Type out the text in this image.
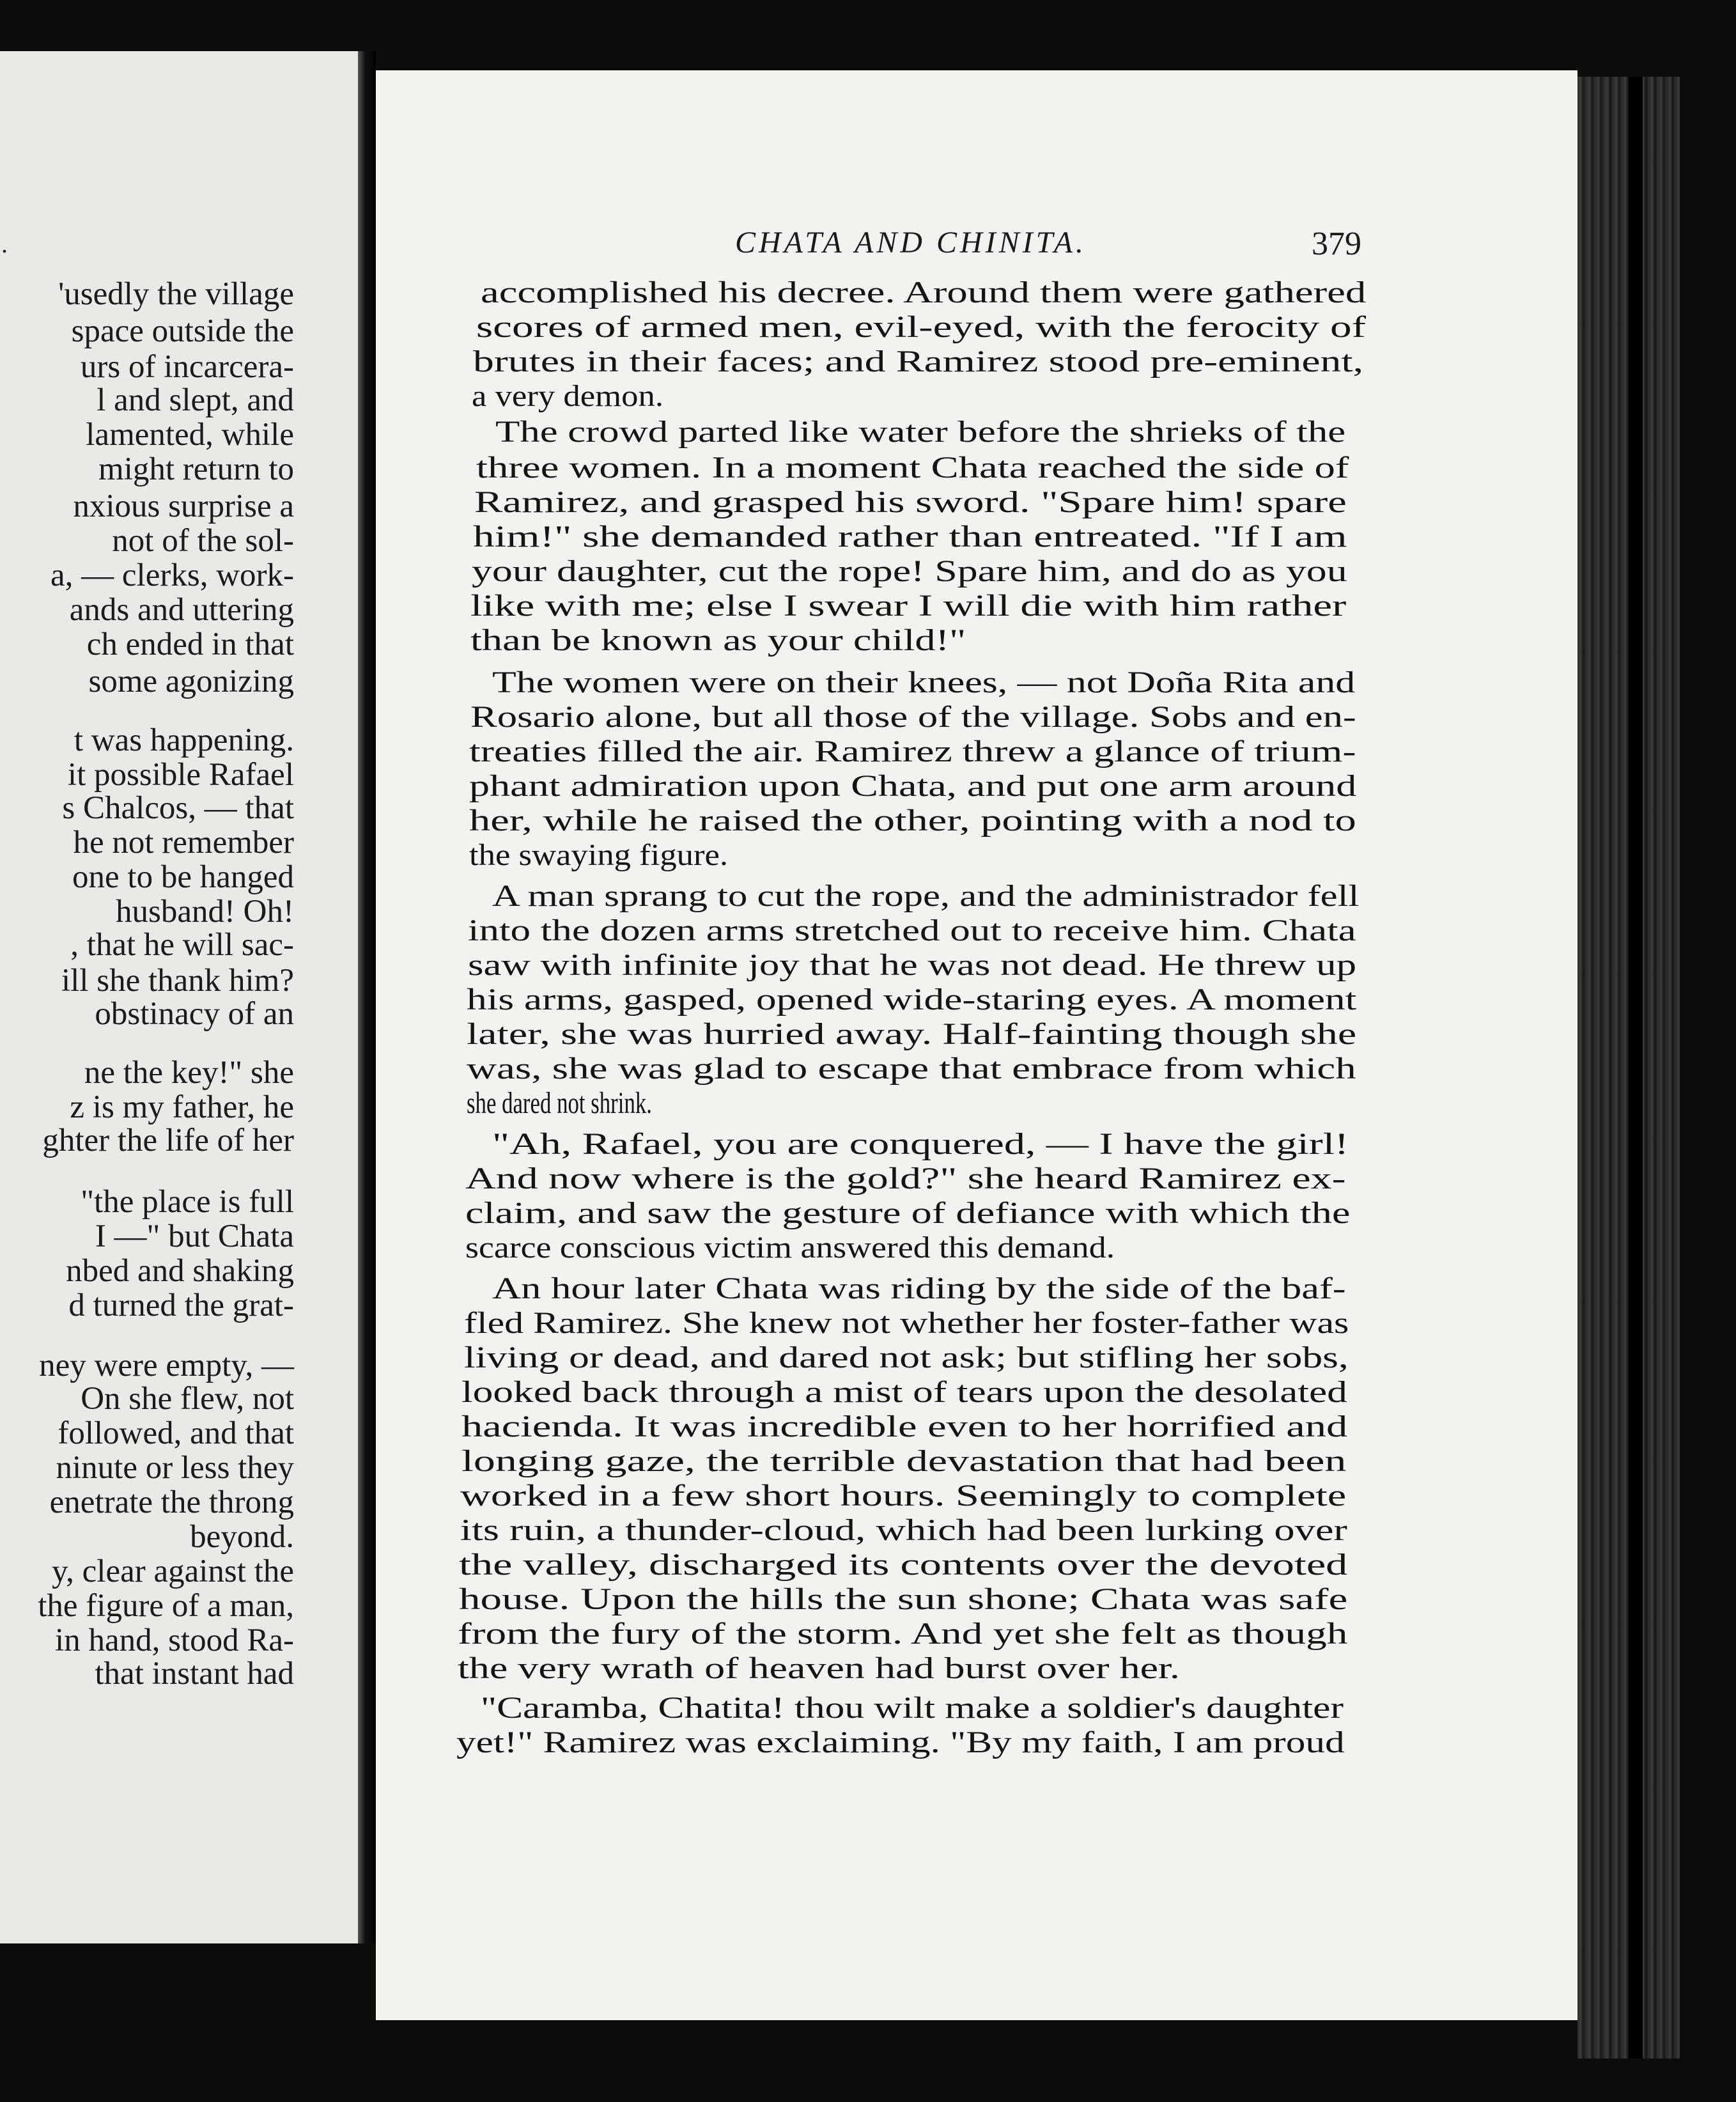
.
'usedly the village
space outside the
urs of incarcera-
l and slept, and
lamented, while
might return to
nxious surprise a
not of the sol-
a, — clerks, work-
ands and uttering
ch ended in that
some agonizing
t was happening.
it possible Rafael
s Chalcos, — that
he not remember
one to be hanged
husband! Oh!
, that he will sac-
ill she thank him?
obstinacy of an
ne the key!" she
z is my father, he
ghter the life of her
"the place is full
I —" but Chata
nbed and shaking
d turned the grat-
ney were empty, —
On she flew, not
followed, and that
ninute or less they
enetrate the throng
beyond.
y, clear against the
the figure of a man,
in hand, stood Ra-
that instant had
CHATA AND CHINITA.	379
accomplished his decree. Around them were gathered
scores of armed men, evil-eyed, with the ferocity of
brutes in their faces; and Ramirez stood pre-eminent,
a very demon.
The crowd parted like water before the shrieks of the
three women. In a moment Chata reached the side of
Ramirez, and grasped his sword. "Spare him! spare
him!" she demanded rather than entreated. "If I am
your daughter, cut the rope! Spare him, and do as you
like with me; else I swear I will die with him rather
than be known as your child!"
The women were on their knees, — not Doña Rita and
Rosario alone, but all those of the village. Sobs and en-
treaties filled the air. Ramirez threw a glance of trium-
phant admiration upon Chata, and put one arm around
her, while he raised the other, pointing with a nod to
the swaying figure.
A man sprang to cut the rope, and the administrador fell
into the dozen arms stretched out to receive him. Chata
saw with infinite joy that he was not dead. He threw up
his arms, gasped, opened wide-staring eyes. A moment
later, she was hurried away. Half-fainting though she
was, she was glad to escape that embrace from which
she dared not shrink.
"Ah, Rafael, you are conquered, — I have the girl!
And now where is the gold?" she heard Ramirez ex-
claim, and saw the gesture of defiance with which the
scarce conscious victim answered this demand.
An hour later Chata was riding by the side of the baf-
fled Ramirez. She knew not whether her foster-father was
living or dead, and dared not ask; but stifling her sobs,
looked back through a mist of tears upon the desolated
hacienda. It was incredible even to her horrified and
longing gaze, the terrible devastation that had been
worked in a few short hours. Seemingly to complete
its ruin, a thunder-cloud, which had been lurking over
the valley, discharged its contents over the devoted
house. Upon the hills the sun shone; Chata was safe
from the fury of the storm. And yet she felt as though
the very wrath of heaven had burst over her.
"Caramba, Chatita! thou wilt make a soldier's daughter
yet!" Ramirez was exclaiming. "By my faith, I am proud
